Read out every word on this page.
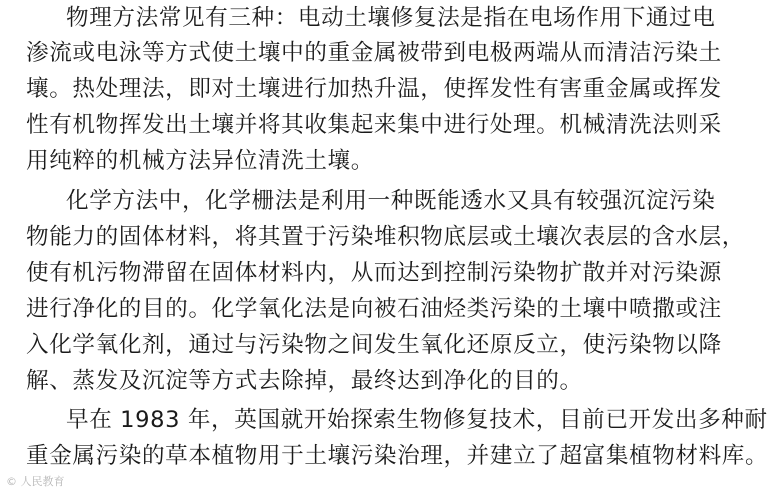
物理方法常见有三种：电动土壤修复法是指在电场作用下通过电
渗流或电泳等方式使土壤中的重金属被带到电极两端从而清洁污染土
壤。热处理法，即对土壤进行加热升温，使挥发性有害重金属或挥发
性有机物挥发出土壤并将其收集起来集中进行处理。机械清洗法则采
用纯粹的机械方法异位清洗土壤。
化学方法中，化学栅法是利用一种既能透水又具有较强沉淀污染
物能力的固体材料，将其置于污染堆积物底层或土壤次表层的含水层，
使有机污物滞留在固体材料内，从而达到控制污染物扩散并对污染源
进行净化的目的。化学氧化法是向被石油烃类污染的土壤中喷撒或注
入化学氧化剂，通过与污染物之间发生氧化还原反立，使污染物以降
解、蒸发及沉淀等方式去除掉，最终达到净化的目的。
早在 1983 年，英国就开始探索生物修复技术，目前已开发出多种耐
重金属污染的草本植物用于土壤污染治理，并建立了超富集植物材料库。
© 人民教育
